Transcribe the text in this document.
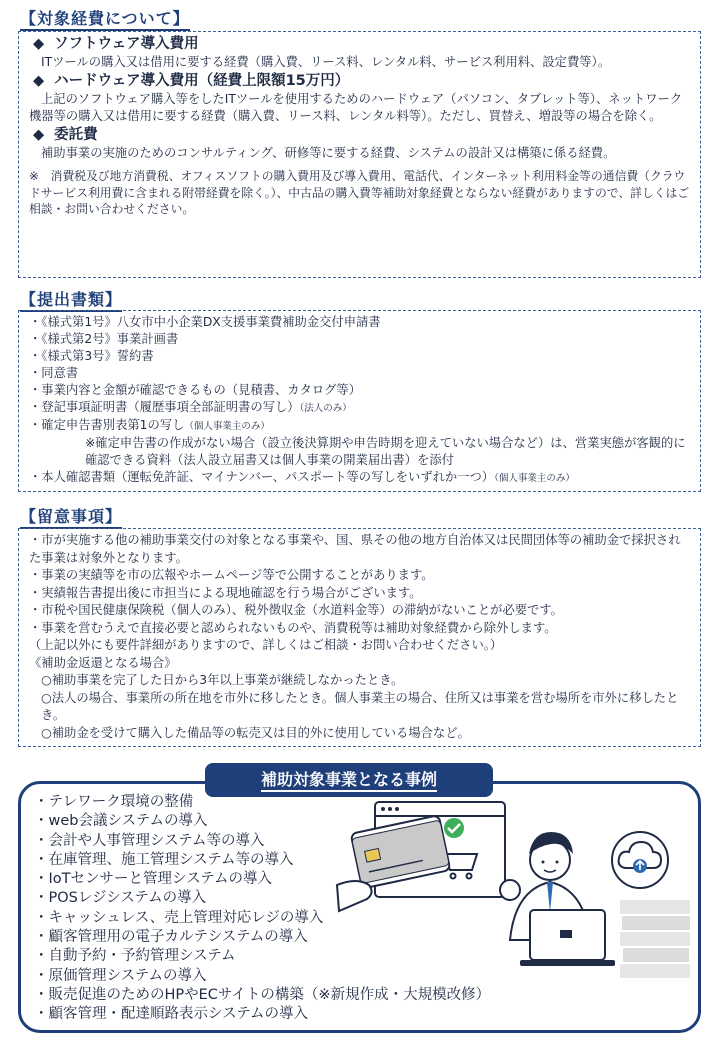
【対象経費について】
◆ ソフトウェア導入費用
ITツールの購入又は借用に要する経費（購入費、リース料、レンタル料、サービス利用料、設定費等）。
◆ ハードウェア導入費用（経費上限額15万円）
上記のソフトウェア購入等をしたITツールを使用するためのハードウェア（パソコン、タブレット等）、ネットワーク機器等の購入又は借用に要する経費（購入費、リース料、レンタル料等）。ただし、買替え、増設等の場合を除く。
◆ 委託費
補助事業の実施のためのコンサルティング、研修等に要する経費、システムの設計又は構築に係る経費。
※　消費税及び地方消費税、オフィスソフトの購入費用及び導入費用、電話代、インターネット利用料金等の通信費（クラウドサービス利用費に含まれる附帯経費を除く。）、中古品の購入費等補助対象経費とならない経費がありますので、詳しくはご相談・お問い合わせください。
【提出書類】
・《様式第1号》八女市中小企業DX支援事業費補助金交付申請書
・《様式第2号》事業計画書
・《様式第3号》誓約書
・同意書
・事業内容と金額が確認できるもの（見積書、カタログ等）
・登記事項証明書（履歴事項全部証明書の写し）（法人のみ）
・確定申告書別表第1の写し（個人事業主のみ）
※確定申告書の作成がない場合（設立後決算期や申告時期を迎えていない場合など）は、営業実態が客観的に確認できる資料（法人設立届書又は個人事業の開業届出書）を添付
・本人確認書類（運転免許証、マイナンバー、パスポート等の写しをいずれか一つ）（個人事業主のみ）
【留意事項】
・市が実施する他の補助事業交付の対象となる事業や、国、県その他の地方自治体又は民間団体等の補助金で採択された事業は対象外となります。
・事業の実績等を市の広報やホームページ等で公開することがあります。
・実績報告書提出後に市担当による現地確認を行う場合がございます。
・市税や国民健康保険税（個人のみ）、税外徴収金（水道料金等）の滞納がないことが必要です。
・事業を営むうえで直接必要と認められないものや、消費税等は補助対象経費から除外します。
（上記以外にも要件詳細がありますので、詳しくはご相談・お問い合わせください。）
《補助金返還となる場合》
○補助事業を完了した日から3年以上事業が継続しなかったとき。
○法人の場合、事業所の所在地を市外に移したとき。個人事業主の場合、住所又は事業を営む場所を市外に移したとき。
○補助金を受けて購入した備品等の転売又は目的外に使用している場合など。
補助対象事業となる事例
・テレワーク環境の整備
・web会議システムの導入
・会計や人事管理システム等の導入
・在庫管理、施工管理システム等の導入
・IoTセンサーと管理システムの導入
・POSレジシステムの導入
・キャッシュレス、売上管理対応レジの導入
・顧客管理用の電子カルテシステムの導入
・自動予約・予約管理システム
・原価管理システムの導入
・販売促進のためのHPやECサイトの構築（※新規作成・大規模改修）
・顧客管理・配達順路表示システムの導入
